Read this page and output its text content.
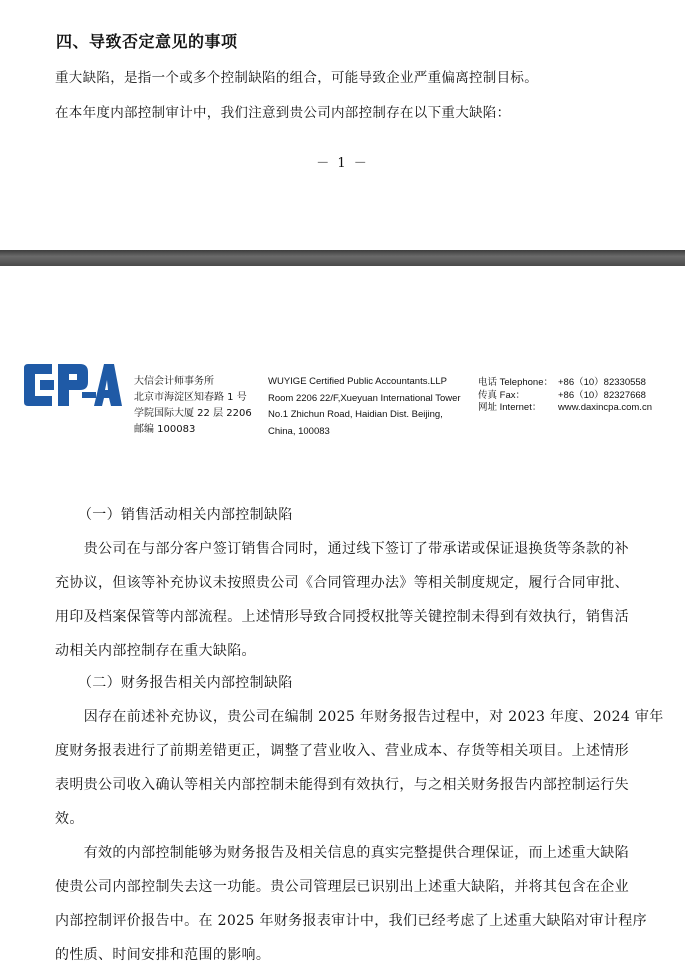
四、导致否定意见的事项
重大缺陷，是指一个或多个控制缺陷的组合，可能导致企业严重偏离控制目标。
在本年度内部控制审计中，我们注意到贵公司内部控制存在以下重大缺陷：
－ 1 －
大信会计师事务所
北京市海淀区知春路 1 号
学院国际大厦 22 层 2206
邮编 100083
WUYIGE Certified Public Accountants.LLP
Room 2206 22/F,Xueyuan International Tower
No.1 Zhichun Road, Haidian Dist. Beijing,
China, 100083
电话 Telephone： +86（10）82330558
传真 Fax：	+86（10）82327668
网址 Internet： www.daxincpa.com.cn
（一）销售活动相关内部控制缺陷
　　贵公司在与部分客户签订销售合同时，通过线下签订了带承诺或保证退换货等条款的补
充协议，但该等补充协议未按照贵公司《合同管理办法》等相关制度规定，履行合同审批、
用印及档案保管等内部流程。上述情形导致合同授权批等关键控制未得到有效执行，销售活
动相关内部控制存在重大缺陷。
（二）财务报告相关内部控制缺陷
　　因存在前述补充协议，贵公司在编制 2025 年财务报告过程中，对 2023 年度、2024 审年
度财务报表进行了前期差错更正，调整了营业收入、营业成本、存货等相关项目。上述情形
表明贵公司收入确认等相关内部控制未能得到有效执行，与之相关财务报告内部控制运行失
效。
　　有效的内部控制能够为财务报告及相关信息的真实完整提供合理保证，而上述重大缺陷
使贵公司内部控制失去这一功能。贵公司管理层已识别出上述重大缺陷，并将其包含在企业
内部控制评价报告中。在 2025 年财务报表审计中，我们已经考虑了上述重大缺陷对审计程序
的性质、时间安排和范围的影响。
